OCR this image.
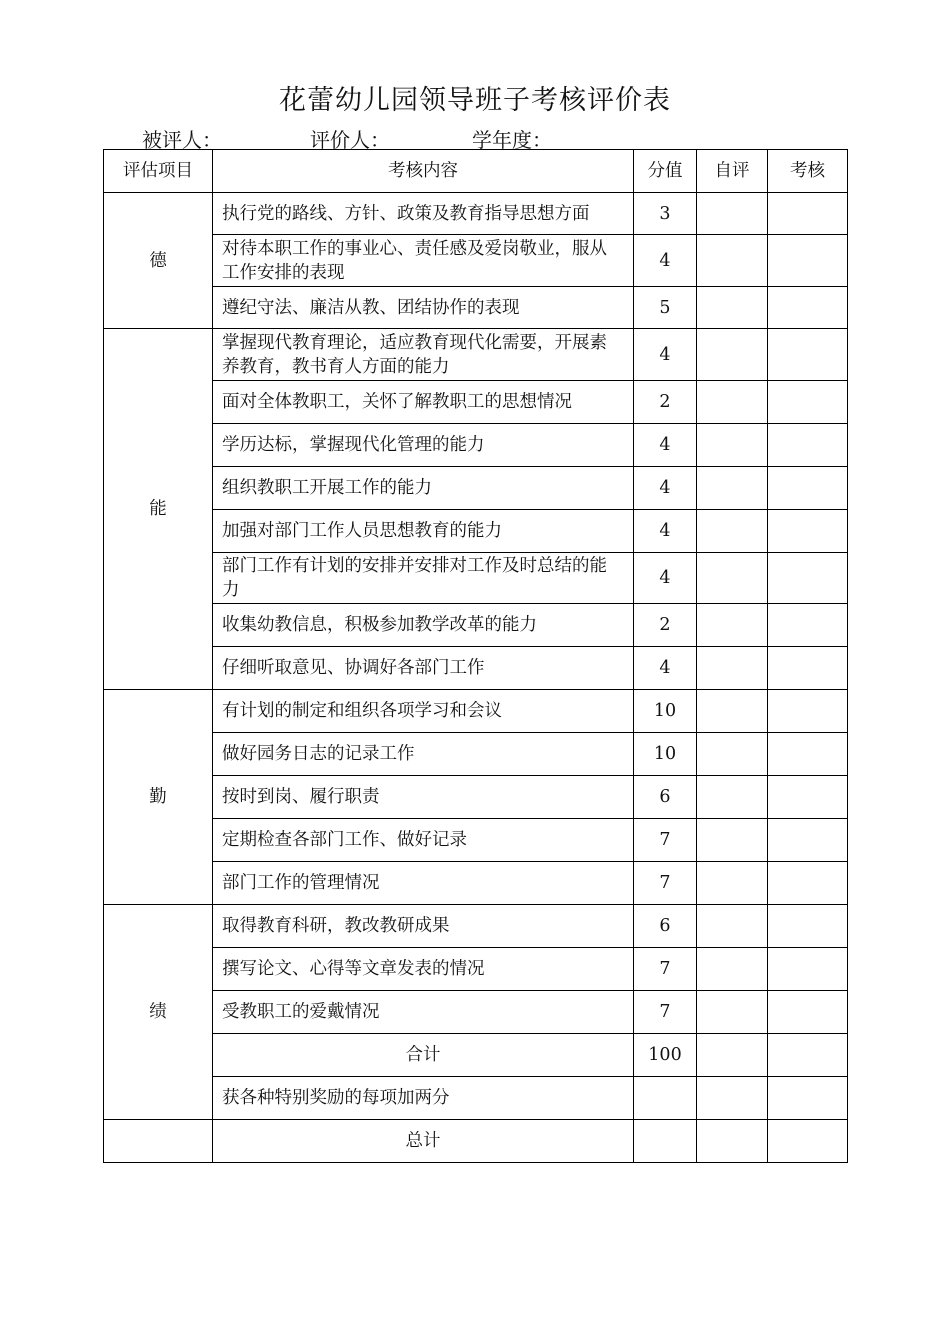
花蕾幼儿园领导班子考核评价表
被评人：	评价人：	学年度：
评估项目	考核内容	分值	自评	考核
德	执行党的路线、方针、政策及教育指导思想方面	3		
	对待本职工作的事业心、责任感及爱岗敬业，服从工作安排的表现	4		
	遵纪守法、廉洁从教、团结协作的表现	5		
能	掌握现代教育理论，适应教育现代化需要，开展素养教育，教书育人方面的能力	4		
	面对全体教职工，关怀了解教职工的思想情况	2		
	学历达标，掌握现代化管理的能力	4		
	组织教职工开展工作的能力	4		
	加强对部门工作人员思想教育的能力	4		
	部门工作有计划的安排并安排对工作及时总结的能力	4		
	收集幼教信息，积极参加教学改革的能力	2		
	仔细听取意见、协调好各部门工作	4		
勤	有计划的制定和组织各项学习和会议	10		
	做好园务日志的记录工作	10		
	按时到岗、履行职责	6		
	定期检查各部门工作、做好记录	7		
	部门工作的管理情况	7		
绩	取得教育科研，教改教研成果	6		
	撰写论文、心得等文章发表的情况	7		
	受教职工的爱戴情况	7		
	合计	100		
	获各种特别奖励的每项加两分			
	总计			
